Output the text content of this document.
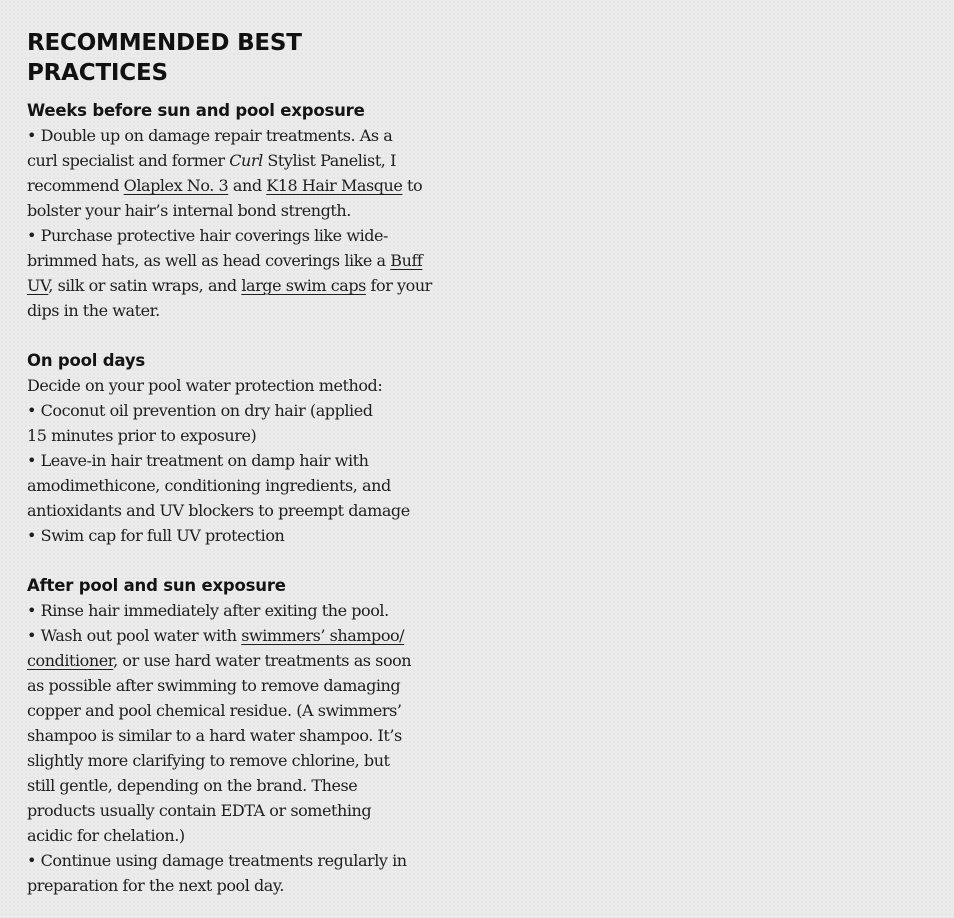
RECOMMENDED BEST
PRACTICES
Weeks before sun and pool exposure
• Double up on damage repair treatments. As a
curl specialist and former Curl Stylist Panelist, I
recommend Olaplex No. 3 and K18 Hair Masque to
bolster your hair’s internal bond strength.
• Purchase protective hair coverings like wide-
brimmed hats, as well as head coverings like a Buff
UV, silk or satin wraps, and large swim caps for your
dips in the water.
On pool days
Decide on your pool water protection method:
• Coconut oil prevention on dry hair (applied
15 minutes prior to exposure)
• Leave-in hair treatment on damp hair with
amodimethicone, conditioning ingredients, and
antioxidants and UV blockers to preempt damage
• Swim cap for full UV protection
After pool and sun exposure
• Rinse hair immediately after exiting the pool.
• Wash out pool water with swimmers’ shampoo/
conditioner, or use hard water treatments as soon
as possible after swimming to remove damaging
copper and pool chemical residue. (A swimmers’
shampoo is similar to a hard water shampoo. It’s
slightly more clarifying to remove chlorine, but
still gentle, depending on the brand. These
products usually contain EDTA or something
acidic for chelation.)
• Continue using damage treatments regularly in
preparation for the next pool day.
